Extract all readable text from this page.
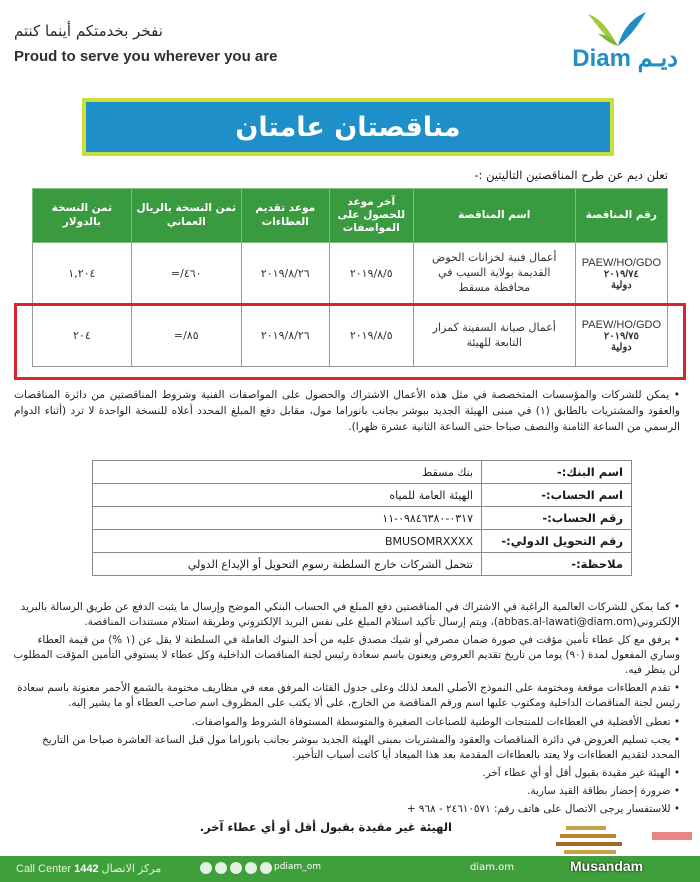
نفخر بخدمتكم أينما كنتم
Proud to serve you wherever you are	Diam ديـم
مناقصتان عامتان
تعلن ديم عن طرح المناقصتين التاليتين :-
رقم المناقصة	اسم المناقصة	آخر موعد للحصول على المواصفات	موعد تقديم العطاءات	ثمن النسخة بالريال العماني	ثمن النسخة بالدولار
PAEW/HO/GDO
٢٠١٩/٧٤
دولية	أعمال فنية لخزانات الحوض القديمة بولاية السيب في محافظة مسقط	٢٠١٩/٨/٥	٢٠١٩/٨/٢٦	٤٦٠/=	١,٢٠٤
PAEW/HO/GDO
٢٠١٩/٧٥
دولية	أعمال صيانة السفينة كمزار التابعة للهيئة	٢٠١٩/٨/٥	٢٠١٩/٨/٢٦	٨٥/=	٢٠٤
• يمكن للشركات والمؤسسات المتخصصة في مثل هذه الأعمال الاشتراك والحصول على المواصفات الفنية وشروط المناقصتين من دائرة المناقصات والعقود والمشتريات بالطابق (١) في مبنى الهيئة الجديد ببوشر بجانب بانوراما مول، مقابل دفع المبلغ المحدد أعلاه للنسخة الواحدة لا ترد (أثناء الدوام الرسمي من الساعة الثامنة والنصف صباحا حتى الساعة الثانية عشرة ظهرا).
اسم البنك:-	بنك مسقط
اسم الحساب:-	الهيئة العامة للمياه
رقم الحساب:-	٠٣١٧-٠٩٨٤٦٣٨٠-١١
رقم التحويل الدولي:-	BMUSOMRXXXX
ملاحظة:-	تتحمل الشركات خارج السلطنة رسوم التحويل أو الإيداع الدولي

• كما يمكن للشركات العالمية الراغبة في الاشتراك في المناقصتين دفع المبلغ في الحساب البنكي الموضح وإرسال ما يثبت الدفع عن طريق الرسالة بالبريد الإلكتروني(abbas.al-lawati@diam.om)، ويتم إرسال تأكيد استلام المبلغ على نفس البريد الإلكتروني وطريقة استلام مستندات المناقصة.

• يرفق مع كل عطاء تأمين مؤقت في صورة ضمان مصرفي أو شيك مصدق عليه من أحد البنوك العاملة في السلطنة لا يقل عن (١ %) من قيمة العطاء وساري المفعول لمدة (٩٠) يوما من تاريخ تقديم العروض ويعنون باسم سعادة رئيس لجنة المناقصات الداخلية وكل عطاء لا يستوفي التأمين المؤقت المطلوب لن ينظر فيه.

• تقدم العطاءات موقعة ومختومة على النموذج الأصلي المعد لذلك وعلى جدول الفئات المرفق معه في مظاريف مختومة بالشمع الأحمر معنونة باسم سعادة رئيس لجنة المناقصات الداخلية ومكتوب عليها اسم ورقم المناقصة من الخارج، على ألا يكتب على المظروف اسم صاحب العطاء أو ما يشير إليه.

• تعطى الأفضلية في العطاءات للمنتجات الوطنية للصناعات الصغيرة والمتوسطة المستوفاة الشروط والمواصفات.

• يجب تسليم العروض في دائرة المناقصات والعقود والمشتريات بمبنى الهيئة الجديد ببوشر بجانب بانوراما مول قبل الساعة العاشرة صباحا من التاريخ المحدد لتقديم العطاءات ولا يعتد بالعطاءات المقدمة بعد هذا الميعاد أيا كانت أسباب التأخير.

• الهيئة غير مقيدة بقبول أقل أو أي عطاء آخر.

• ضرورة إحضار بطاقة القيد سارية.

• للاستفسار يرجى الاتصال على هاتف رقم: ٢٤٦١٠٥٧١ - ٩٦٨ +

الهيئة غير مقيدة بقبول أقل أو أي عطاء آخر.
Call Center 1442 مركز الاتصال	pdiam_om	diam.om	Musandam
